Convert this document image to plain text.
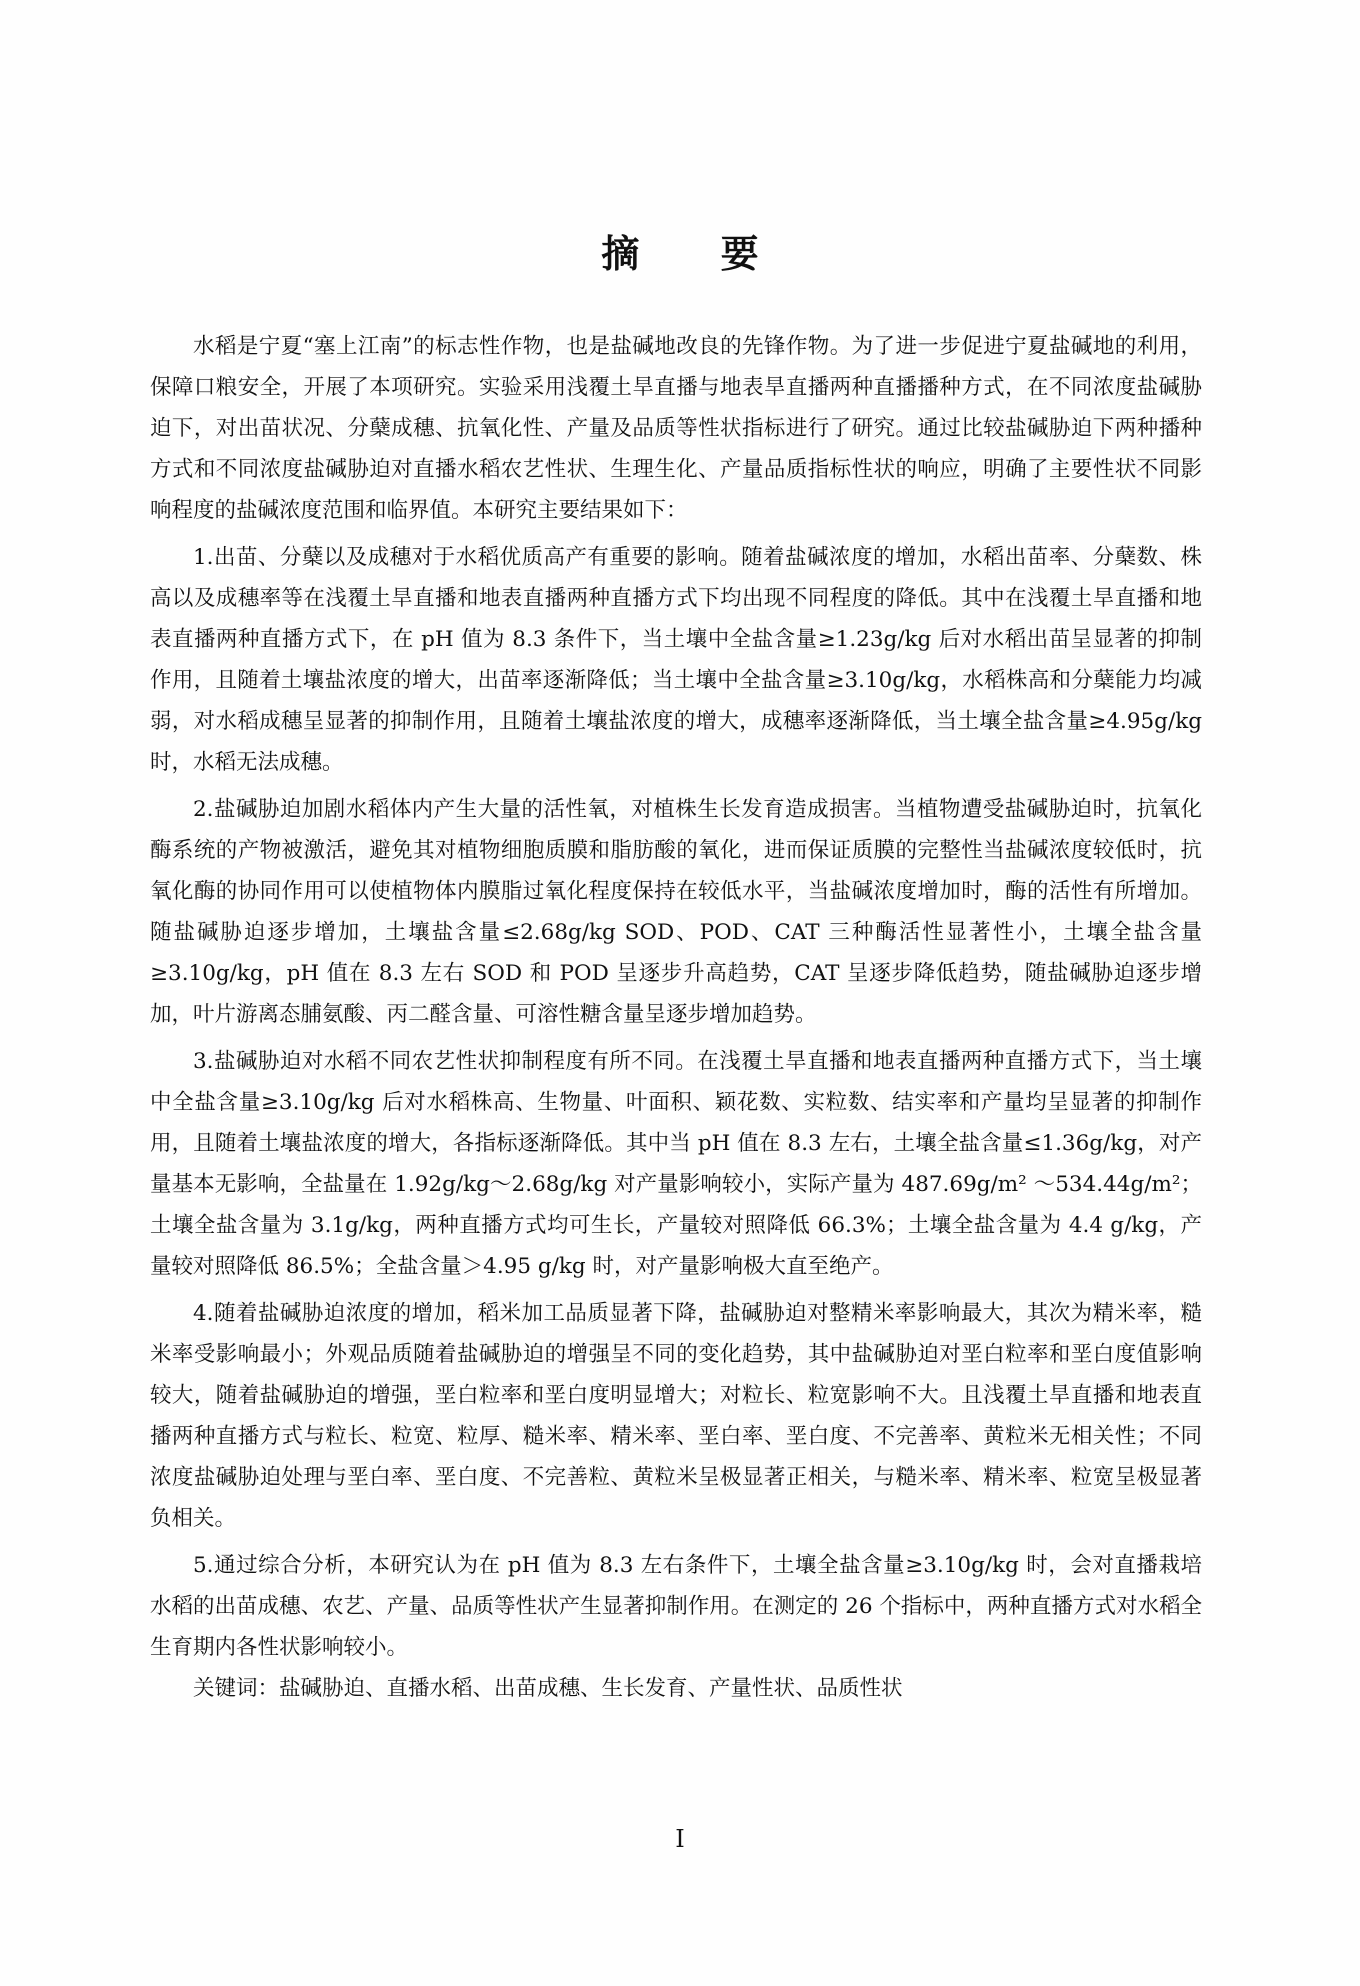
摘 要

水稻是宁夏“塞上江南”的标志性作物，也是盐碱地改良的先锋作物。为了进一步促进宁夏盐碱地的利用，保障口粮安全，开展了本项研究。实验采用浅覆土旱直播与地表旱直播两种直播播种方式，在不同浓度盐碱胁迫下，对出苗状况、分蘖成穗、抗氧化性、产量及品质等性状指标进行了研究。通过比较盐碱胁迫下两种播种方式和不同浓度盐碱胁迫对直播水稻农艺性状、生理生化、产量品质指标性状的响应，明确了主要性状不同影响程度的盐碱浓度范围和临界值。本研究主要结果如下：

1.出苗、分蘖以及成穗对于水稻优质高产有重要的影响。随着盐碱浓度的增加，水稻出苗率、分蘖数、株高以及成穗率等在浅覆土旱直播和地表直播两种直播方式下均出现不同程度的降低。其中在浅覆土旱直播和地表直播两种直播方式下，在 pH 值为 8.3 条件下，当土壤中全盐含量≥1.23g/kg 后对水稻出苗呈显著的抑制作用，且随着土壤盐浓度的增大，出苗率逐渐降低；当土壤中全盐含量≥3.10g/kg，水稻株高和分蘖能力均减弱，对水稻成穗呈显著的抑制作用，且随着土壤盐浓度的增大，成穗率逐渐降低，当土壤全盐含量≥4.95g/kg 时，水稻无法成穗。

2.盐碱胁迫加剧水稻体内产生大量的活性氧，对植株生长发育造成损害。当植物遭受盐碱胁迫时，抗氧化酶系统的产物被激活，避免其对植物细胞质膜和脂肪酸的氧化，进而保证质膜的完整性当盐碱浓度较低时，抗氧化酶的协同作用可以使植物体内膜脂过氧化程度保持在较低水平，当盐碱浓度增加时，酶的活性有所增加。随盐碱胁迫逐步增加，土壤盐含量≤2.68g/kg SOD、POD、CAT 三种酶活性显著性小，土壤全盐含量≥3.10g/kg，pH 值在 8.3 左右 SOD 和 POD 呈逐步升高趋势，CAT 呈逐步降低趋势，随盐碱胁迫逐步增加，叶片游离态脯氨酸、丙二醛含量、可溶性糖含量呈逐步增加趋势。

3.盐碱胁迫对水稻不同农艺性状抑制程度有所不同。在浅覆土旱直播和地表直播两种直播方式下，当土壤中全盐含量≥3.10g/kg 后对水稻株高、生物量、叶面积、颖花数、实粒数、结实率和产量均呈显著的抑制作用，且随着土壤盐浓度的增大，各指标逐渐降低。其中当 pH 值在 8.3 左右，土壤全盐含量≤1.36g/kg，对产量基本无影响，全盐量在 1.92g/kg～2.68g/kg 对产量影响较小，实际产量为 487.69g/m² ～534.44g/m²；土壤全盐含量为 3.1g/kg，两种直播方式均可生长，产量较对照降低 66.3%；土壤全盐含量为 4.4 g/kg，产量较对照降低 86.5%；全盐含量＞4.95 g/kg 时，对产量影响极大直至绝产。

4.随着盐碱胁迫浓度的增加，稻米加工品质显著下降，盐碱胁迫对整精米率影响最大，其次为精米率，糙米率受影响最小；外观品质随着盐碱胁迫的增强呈不同的变化趋势，其中盐碱胁迫对垩白粒率和垩白度值影响较大，随着盐碱胁迫的增强，垩白粒率和垩白度明显增大；对粒长、粒宽影响不大。且浅覆土旱直播和地表直播两种直播方式与粒长、粒宽、粒厚、糙米率、精米率、垩白率、垩白度、不完善率、黄粒米无相关性；不同浓度盐碱胁迫处理与垩白率、垩白度、不完善粒、黄粒米呈极显著正相关，与糙米率、精米率、粒宽呈极显著负相关。

5.通过综合分析，本研究认为在 pH 值为 8.3 左右条件下，土壤全盐含量≥3.10g/kg 时，会对直播栽培水稻的出苗成穗、农艺、产量、品质等性状产生显著抑制作用。在测定的 26 个指标中，两种直播方式对水稻全生育期内各性状影响较小。

关键词：盐碱胁迫、直播水稻、出苗成穗、生长发育、产量性状、品质性状

I
